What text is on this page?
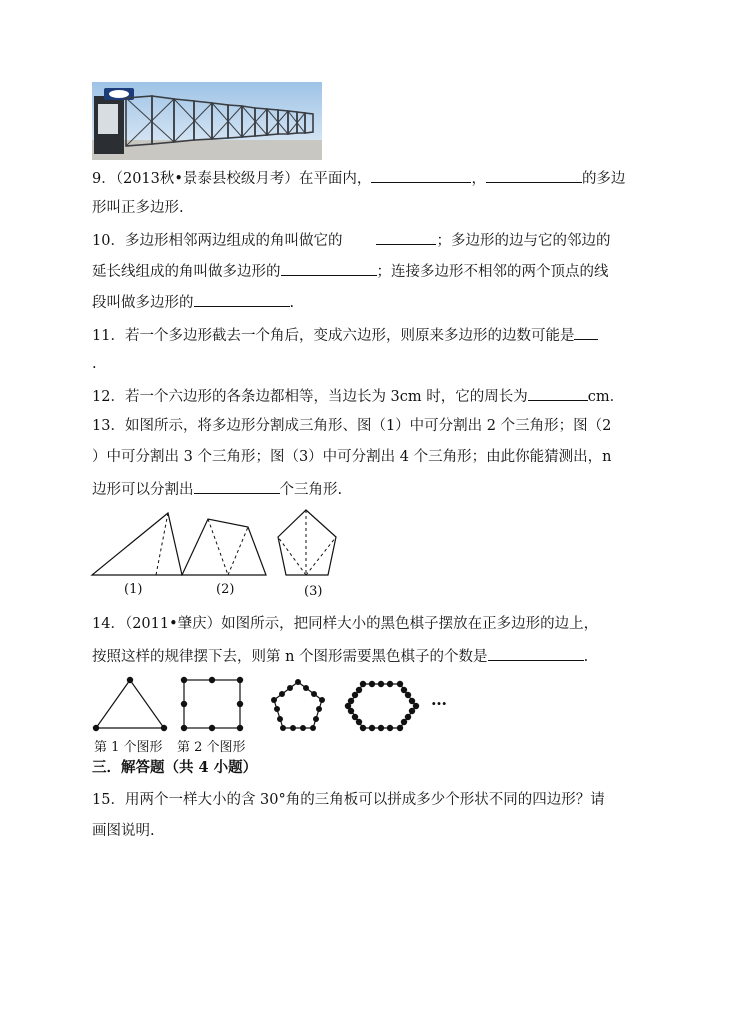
9．（2013秋•景泰县校级月考）在平面内，	，	的多边
形叫正多边形.
10．多边形相邻两边组成的角叫做它的	；多边形的边与它的邻边的
延长线组成的角叫做多边形的	；连接多边形不相邻的两个顶点的线
段叫做多边形的	.
11．若一个多边形截去一个角后，变成六边形，则原来多边形的边数可能是
.
12．若一个六边形的各条边都相等，当边长为 3cm 时，它的周长为	cm．
13．如图所示，将多边形分割成三角形、图（1）中可分割出 2 个三角形；图（2
）中可分割出 3 个三角形；图（3）中可分割出 4 个三角形；由此你能猜测出，n
边形可以分割出	个三角形.
(1)	(2)	(3)
14．（2011•肇庆）如图所示，把同样大小的黑色棋子摆放在正多边形的边上，
按照这样的规律摆下去，则第 n 个图形需要黑色棋子的个数是	.
…
第 1 个图形 第 2 个图形
三．解答题（共 4 小题）
15．用两个一样大小的含 30°角的三角板可以拼成多少个形状不同的四边形？请
画图说明.
